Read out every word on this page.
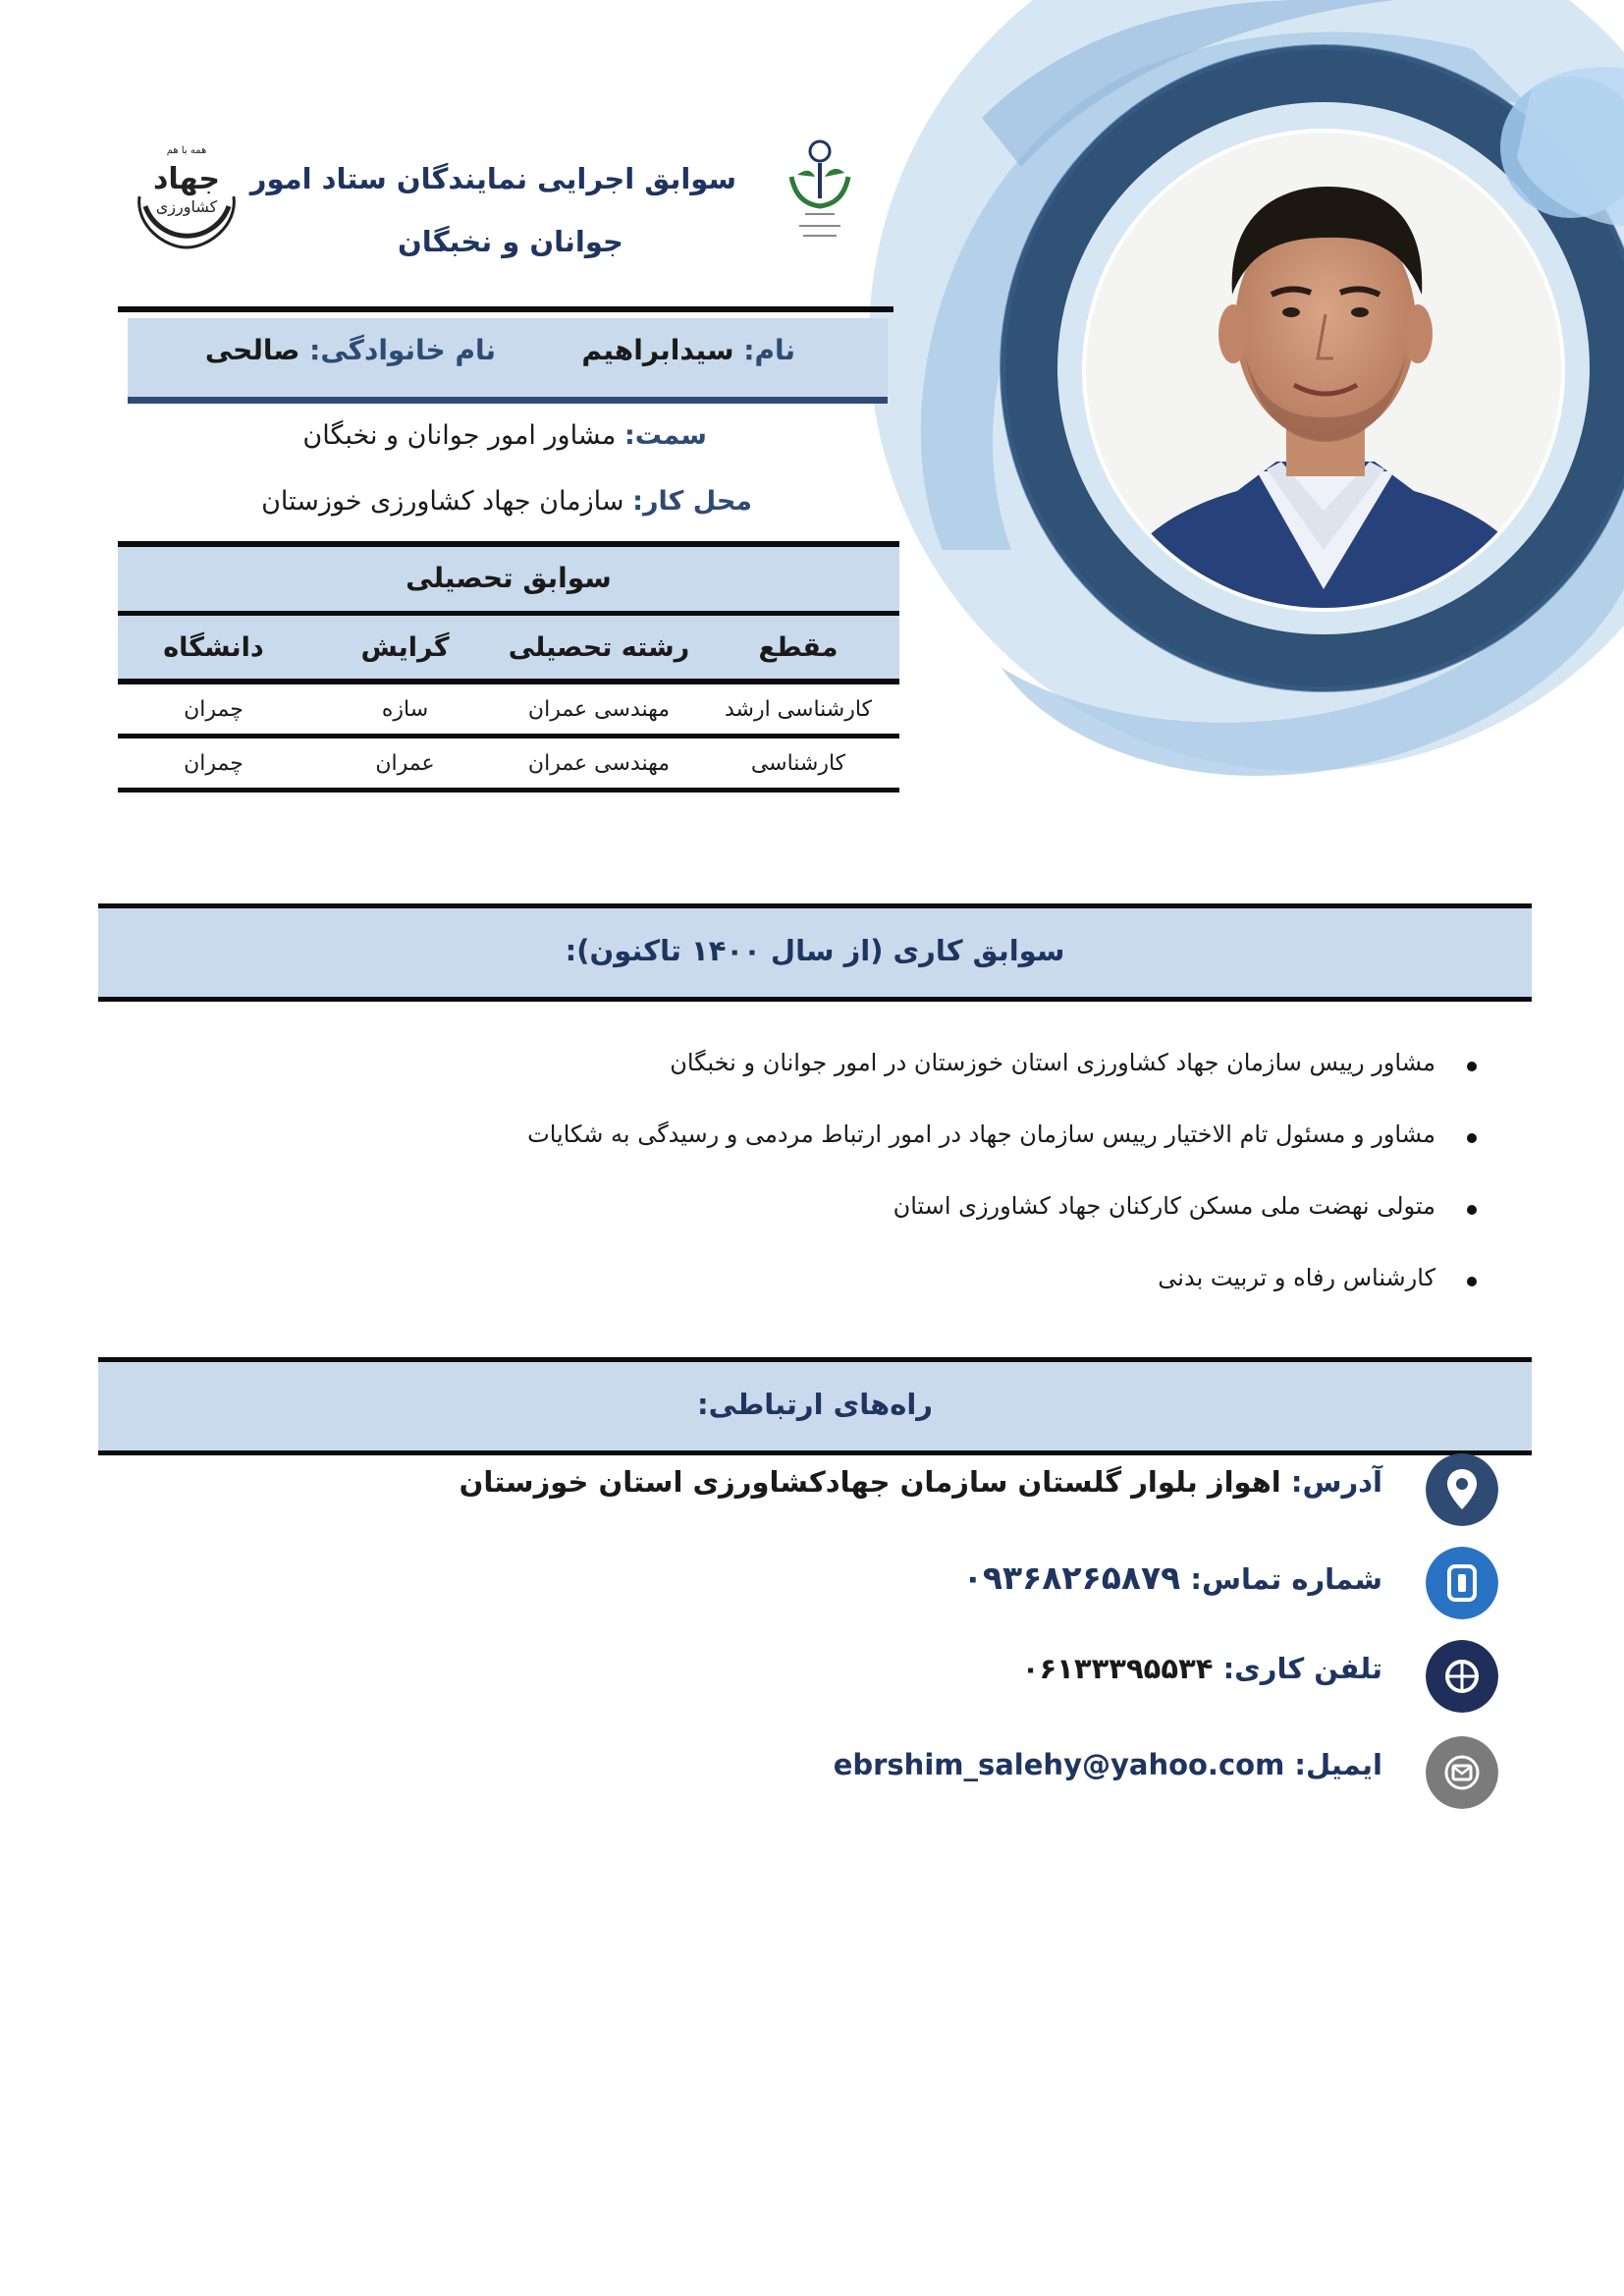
همه با هم
جهاد
کشاورزی
سوابق اجرایی نمایندگان ستاد امور
جوانان و نخبگان
نام: سیدابراهیم
نام خانوادگی: صالحی
سمت: مشاور امور جوانان و نخبگان
محل کار: سازمان جهاد کشاورزی خوزستان
سوابق تحصیلی
مقطع	رشته تحصیلی	گرایش	دانشگاه
کارشناسی ارشد	مهندسی عمران	سازه	چمران
کارشناسی	مهندسی عمران	عمران	چمران
سوابق کاری (از سال ۱۴۰۰ تاکنون):
مشاور رییس سازمان جهاد کشاورزی استان خوزستان در امور جوانان و نخبگان
مشاور و مسئول تام الاختیار رییس سازمان جهاد در امور ارتباط مردمی و رسیدگی به شکایات
متولی نهضت ملی مسکن کارکنان جهاد کشاورزی استان
کارشناس رفاه و تربیت بدنی
راه‌های ارتباطی:
آدرس: اهواز بلوار گلستان سازمان جهادکشاورزی استان خوزستان
شماره تماس: ۰۹۳۶۸۲۶۵۸۷۹
تلفن کاری: ۰۶۱۳۳۳۹۵۵۳۴
ایمیل: ebrshim_salehy@yahoo.com
